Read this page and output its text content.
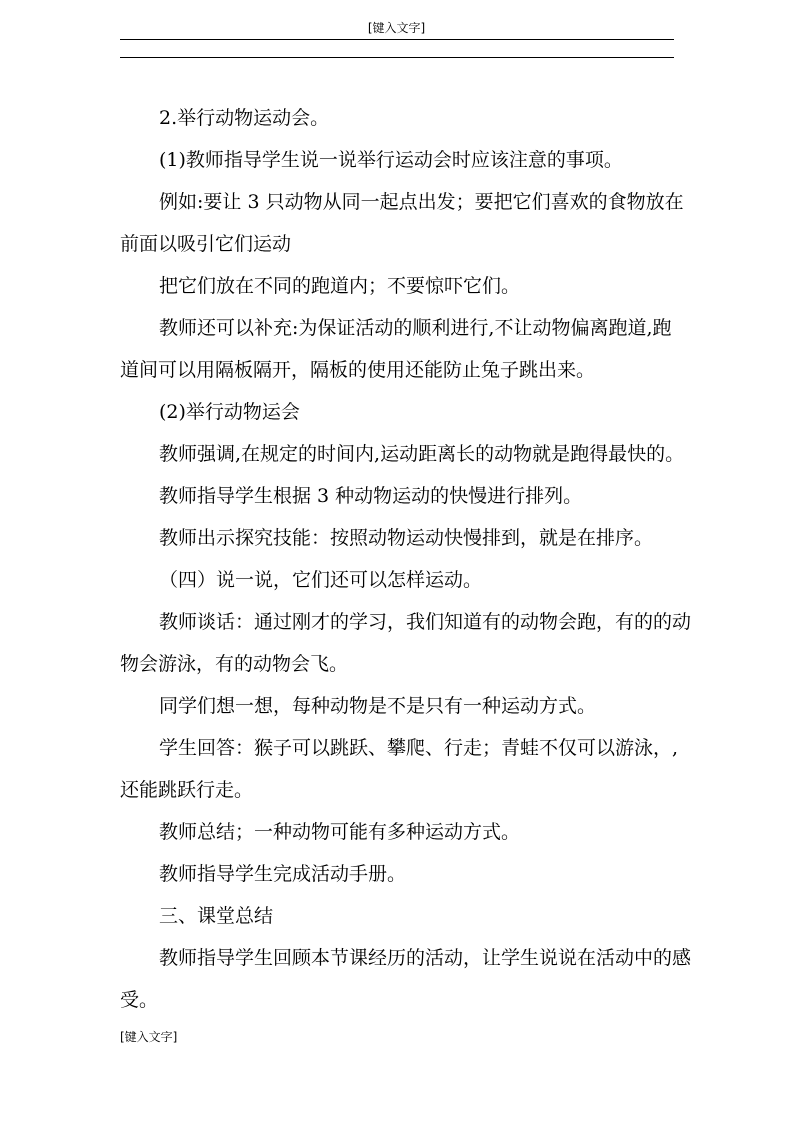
[键入文字]
2.举行动物运动会。
(1)教师指导学生说一说举行运动会时应该注意的事项。
例如:要让 3 只动物从同一起点出发；要把它们喜欢的食物放在
前面以吸引它们运动
把它们放在不同的跑道内；不要惊吓它们。
教师还可以补充:为保证活动的顺利进行,不让动物偏离跑道,跑
道间可以用隔板隔开，隔板的使用还能防止兔子跳出来。
(2)举行动物运会
教师强调,在规定的时间内,运动距离长的动物就是跑得最快的。
教师指导学生根据 3 种动物运动的快慢进行排列。
教师出示探究技能：按照动物运动快慢排到，就是在排序。
（四）说一说，它们还可以怎样运动。
教师谈话：通过刚才的学习，我们知道有的动物会跑，有的的动
物会游泳，有的动物会飞。
同学们想一想，每种动物是不是只有一种运动方式。
学生回答：猴子可以跳跃、攀爬、行走；青蛙不仅可以游泳，,
还能跳跃行走。
教师总结；一种动物可能有多种运动方式。
教师指导学生完成活动手册。
三、课堂总结
教师指导学生回顾本节课经历的活动，让学生说说在活动中的感
受。
[键入文字]
